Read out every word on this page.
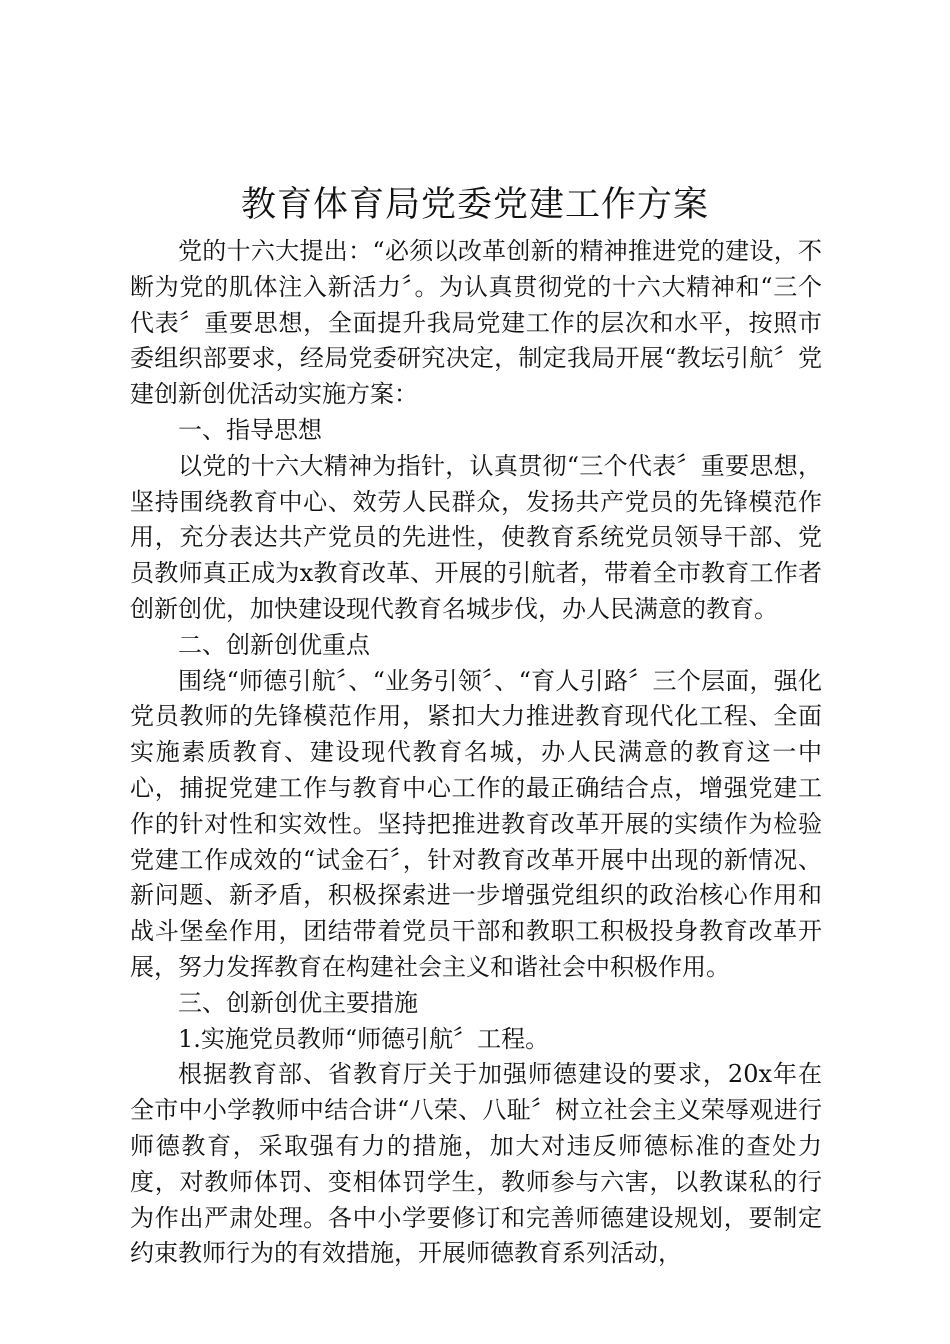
教育体育局党委党建工作方案

党的十六大提出：“必须以改革创新的精神推进党的建设，不断为党的肌体注入新活力〞。为认真贯彻党的十六大精神和“三个代表〞重要思想，全面提升我局党建工作的层次和水平，按照市委组织部要求，经局党委研究决定，制定我局开展“教坛引航〞党建创新创优活动实施方案：

一、指导思想

以党的十六大精神为指针，认真贯彻“三个代表〞重要思想，坚持围绕教育中心、效劳人民群众，发扬共产党员的先锋模范作用，充分表达共产党员的先进性，使教育系统党员领导干部、党员教师真正成为x教育改革、开展的引航者，带着全市教育工作者创新创优，加快建设现代教育名城步伐，办人民满意的教育。

二、创新创优重点

围绕“师德引航〞、“业务引领〞、“育人引路〞三个层面，强化党员教师的先锋模范作用，紧扣大力推进教育现代化工程、全面实施素质教育、建设现代教育名城，办人民满意的教育这一中心，捕捉党建工作与教育中心工作的最正确结合点，增强党建工作的针对性和实效性。坚持把推进教育改革开展的实绩作为检验党建工作成效的“试金石〞，针对教育改革开展中出现的新情况、新问题、新矛盾，积极探索进一步增强党组织的政治核心作用和战斗堡垒作用，团结带着党员干部和教职工积极投身教育改革开展，努力发挥教育在构建社会主义和谐社会中积极作用。

三、创新创优主要措施

1.实施党员教师“师德引航〞工程。

根据教育部、省教育厅关于加强师德建设的要求，20x年在全市中小学教师中结合讲“八荣、八耻〞树立社会主义荣辱观进行师德教育，采取强有力的措施，加大对违反师德标准的查处力度，对教师体罚、变相体罚学生，教师参与六害，以教谋私的行为作出严肃处理。各中小学要修订和完善师德建设规划，要制定约束教师行为的有效措施，开展师德教育系列活动，
